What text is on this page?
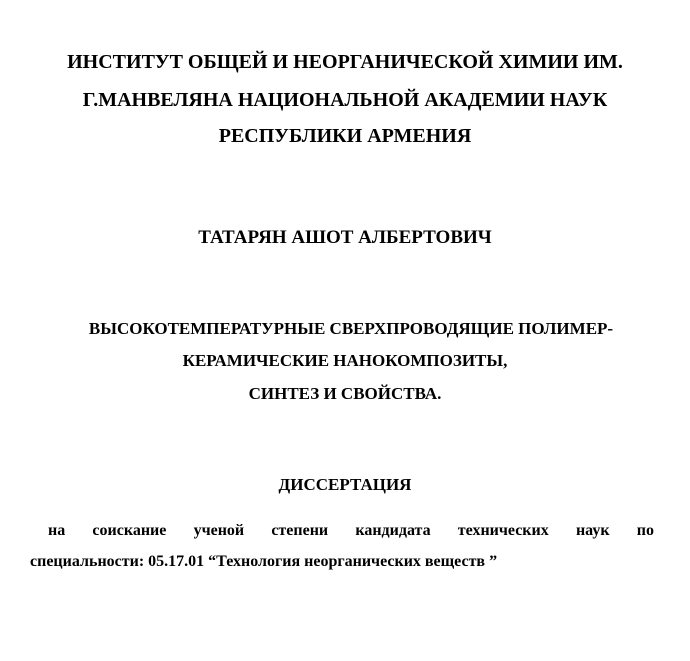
ИНСТИТУТ ОБЩЕЙ И НЕОРГАНИЧЕСКОЙ ХИМИИ ИМ.
Г.МАНВЕЛЯНА НАЦИОНАЛЬНОЙ АКАДЕМИИ НАУК
РЕСПУБЛИКИ АРМЕНИЯ
ТАТАРЯН АШОТ АЛБЕРТОВИЧ
ВЫСОКОТЕМПЕРАТУРНЫЕ СВЕРХПРОВОДЯЩИЕ ПОЛИМЕР-
КЕРАМИЧЕСКИЕ НАНОКОМПОЗИТЫ,
СИНТЕЗ И СВОЙСТВА.
ДИССЕРТАЦИЯ
на соискание ученой степени кандидата технических наук по
специальности: 05.17.01 “Технология неорганических веществ ”
